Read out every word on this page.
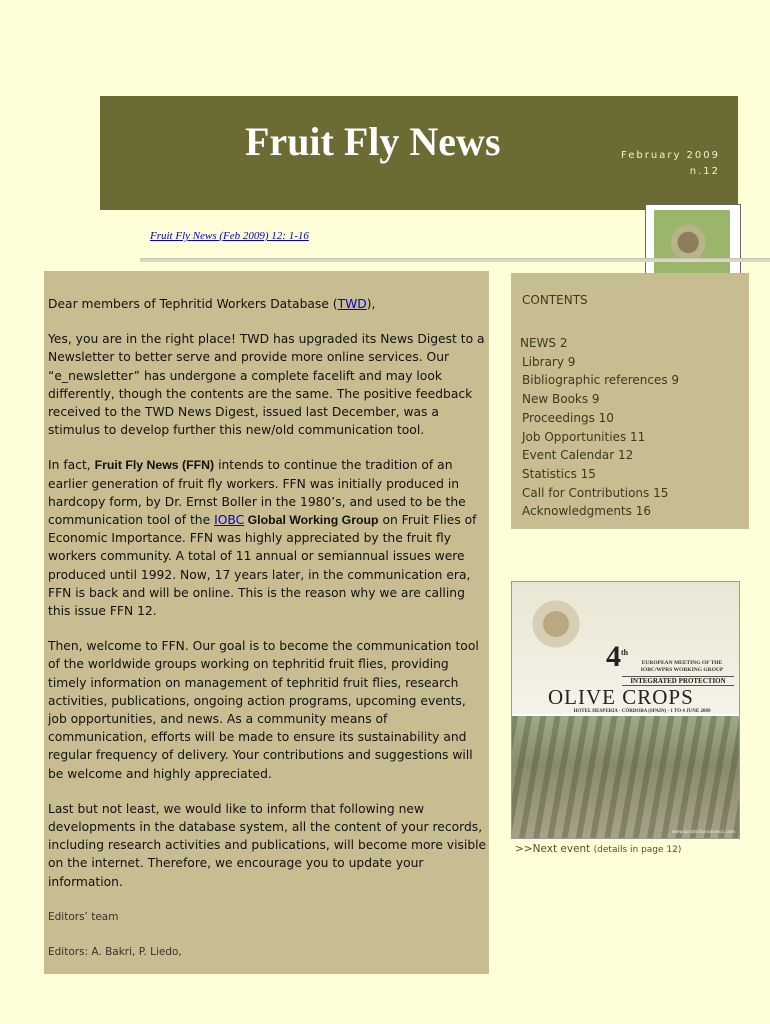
Fruit Fly News	February 2009
n.12
Fruit Fly News (Feb 2009) 12: 1-16

Dear members of Tephritid Workers Database (TWD),

Yes, you are in the right place! TWD has upgraded its News Digest to a Newsletter to better serve and provide more online services. Our “e_newsletter” has undergone a complete facelift and may look differently, though the contents are the same. The positive feedback received to the TWD News Digest, issued last December, was a stimulus to develop further this new/old communication tool.

In fact, Fruit Fly News (FFN) intends to continue the tradition of an earlier generation of fruit fly workers. FFN was initially produced in hardcopy form, by Dr. Ernst Boller in the 1980’s, and used to be the communication tool of the IOBC Global Working Group on Fruit Flies of Economic Importance. FFN was highly appreciated by the fruit fly workers community. A total of 11 annual or semiannual issues were produced until 1992. Now, 17 years later, in the communication era, FFN is back and will be online. This is the reason why we are calling this issue FFN 12.

Then, welcome to FFN. Our goal is to become the communication tool of the worldwide groups working on tephritid fruit flies, providing timely information on management of tephritid fruit flies, research activities, publications, ongoing action programs, upcoming events, job opportunities, and news. As a community means of communication, efforts will be made to ensure its sustainability and regular frequency of delivery. Your contributions and suggestions will be welcome and highly appreciated.

Last but not least, we would like to inform that following new developments in the database system, all the content of your records, including research activities and publications, will become more visible on the internet. Therefore, we encourage you to update your information.

Editors’ team

Editors: A. Bakri, P. Liedo,

CONTENTS
NEWS 2
Library 9
Bibliographic references 9
New Books 9
Proceedings 10
Job Opportunities 11
Event Calendar 12
Statistics 15
Call for Contributions 15
Acknowledgments 16
4th
EUROPEAN MEETING OF THE
IOBC/WPRS WORKING GROUP
INTEGRATED PROTECTION
OLIVE CROPS
HOTEL HESPERIA - CÓRDOBA (SPAIN) - 1 TO 4 JUNE 2009
www.iprotectionoliveco.com
>>Next event (details in page 12)
